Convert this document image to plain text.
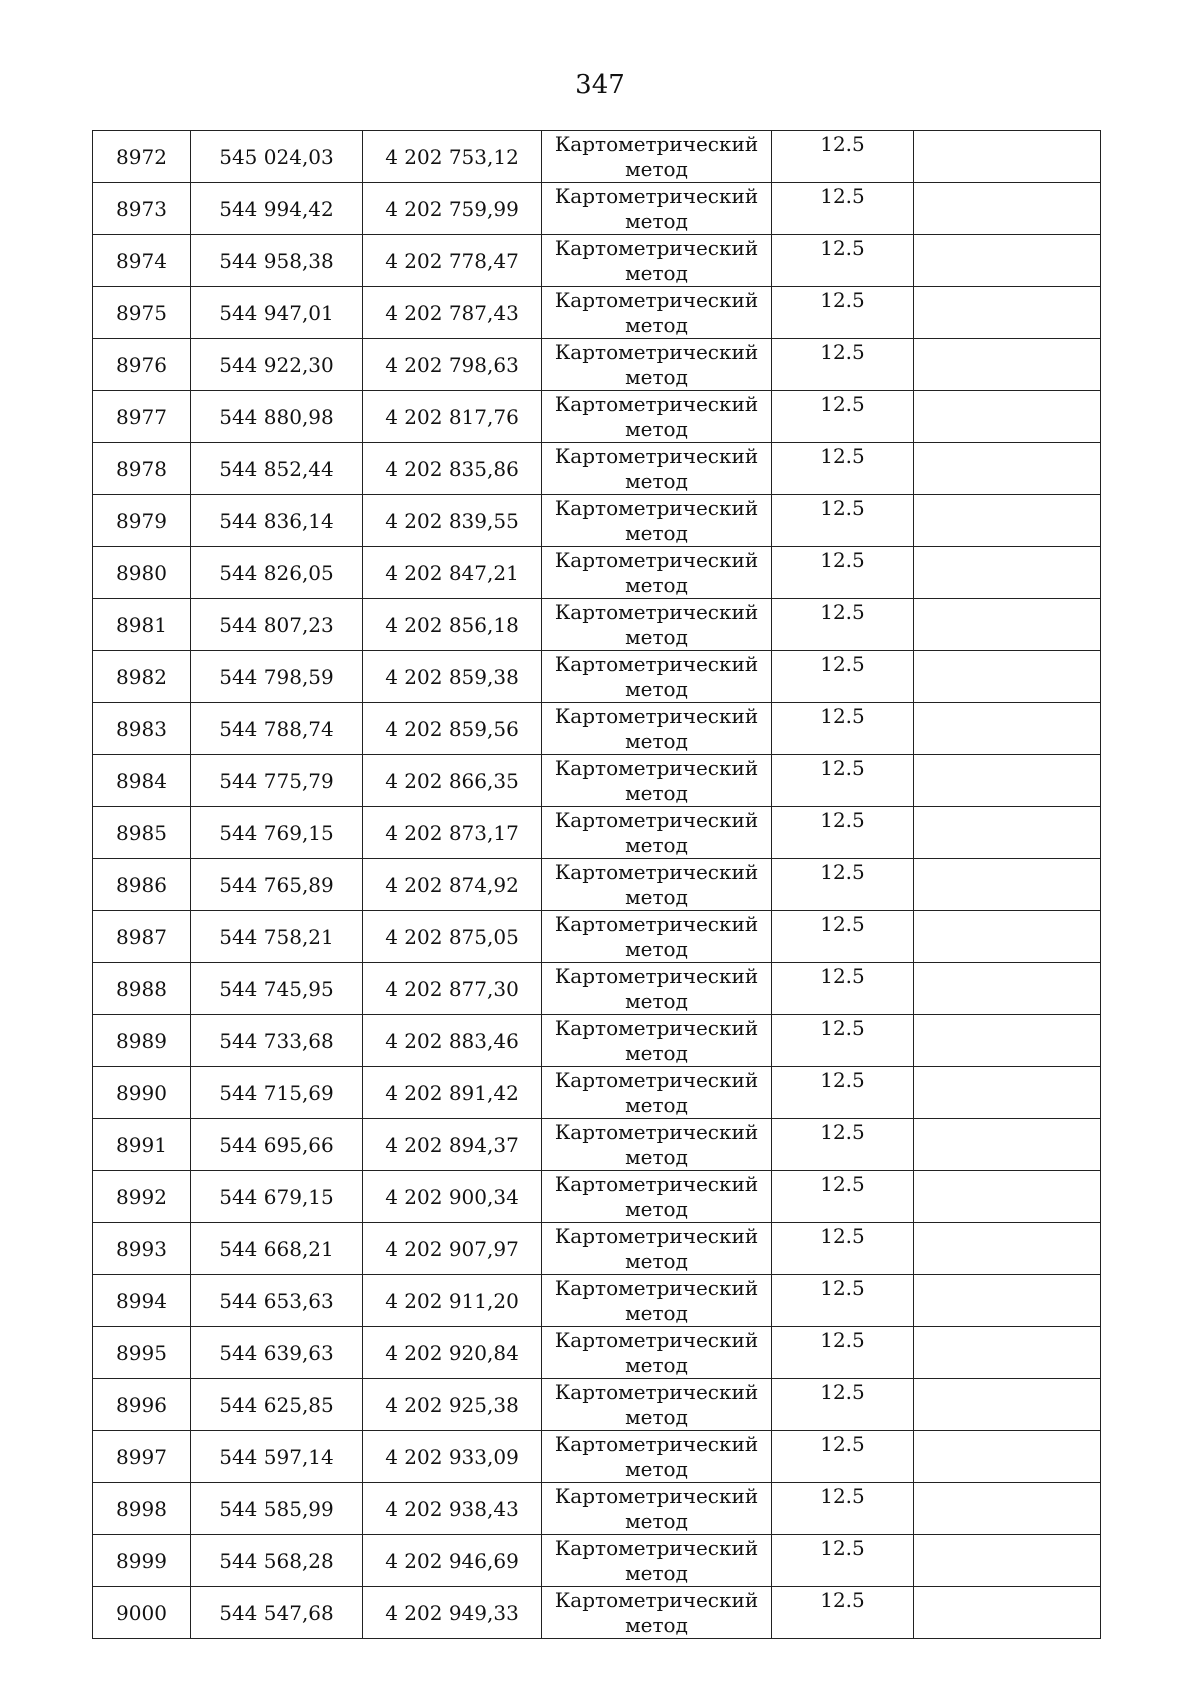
347
8972	545 024,03	4 202 753,12	Картометрический
метод	12.5	
8973	544 994,42	4 202 759,99	Картометрический
метод	12.5	
8974	544 958,38	4 202 778,47	Картометрический
метод	12.5	
8975	544 947,01	4 202 787,43	Картометрический
метод	12.5	
8976	544 922,30	4 202 798,63	Картометрический
метод	12.5	
8977	544 880,98	4 202 817,76	Картометрический
метод	12.5	
8978	544 852,44	4 202 835,86	Картометрический
метод	12.5	
8979	544 836,14	4 202 839,55	Картометрический
метод	12.5	
8980	544 826,05	4 202 847,21	Картометрический
метод	12.5	
8981	544 807,23	4 202 856,18	Картометрический
метод	12.5	
8982	544 798,59	4 202 859,38	Картометрический
метод	12.5	
8983	544 788,74	4 202 859,56	Картометрический
метод	12.5	
8984	544 775,79	4 202 866,35	Картометрический
метод	12.5	
8985	544 769,15	4 202 873,17	Картометрический
метод	12.5	
8986	544 765,89	4 202 874,92	Картометрический
метод	12.5	
8987	544 758,21	4 202 875,05	Картометрический
метод	12.5	
8988	544 745,95	4 202 877,30	Картометрический
метод	12.5	
8989	544 733,68	4 202 883,46	Картометрический
метод	12.5	
8990	544 715,69	4 202 891,42	Картометрический
метод	12.5	
8991	544 695,66	4 202 894,37	Картометрический
метод	12.5	
8992	544 679,15	4 202 900,34	Картометрический
метод	12.5	
8993	544 668,21	4 202 907,97	Картометрический
метод	12.5	
8994	544 653,63	4 202 911,20	Картометрический
метод	12.5	
8995	544 639,63	4 202 920,84	Картометрический
метод	12.5	
8996	544 625,85	4 202 925,38	Картометрический
метод	12.5	
8997	544 597,14	4 202 933,09	Картометрический
метод	12.5	
8998	544 585,99	4 202 938,43	Картометрический
метод	12.5	
8999	544 568,28	4 202 946,69	Картометрический
метод	12.5	
9000	544 547,68	4 202 949,33	Картометрический
метод	12.5	
